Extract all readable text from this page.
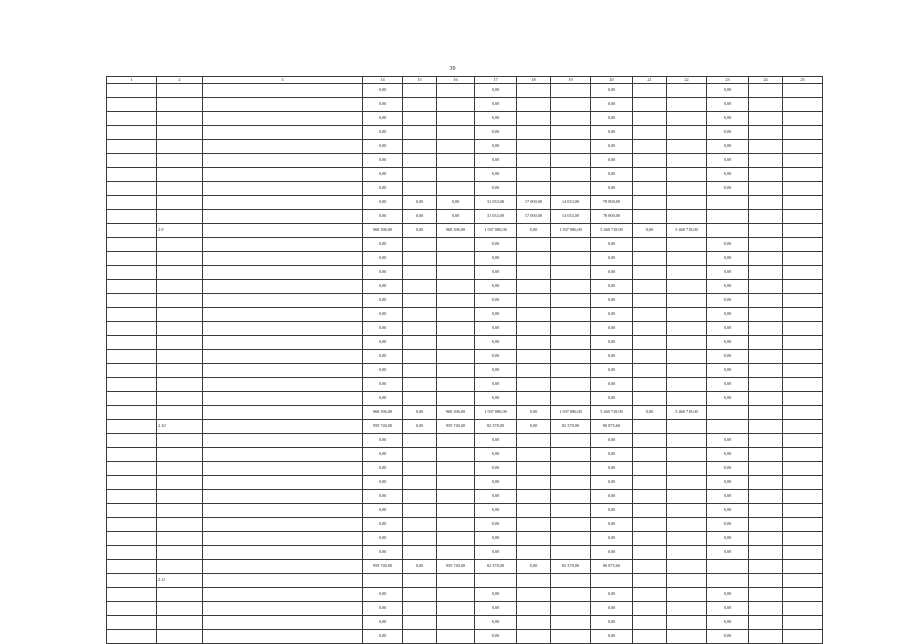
39
1	2	3	14	15	16	17	18	19	20	21	22	23	24	25
			0,00			0,00			0,00			0,00		
			0,00			0,00			0,00			0,00		
			0,00			0,00			0,00			0,00		
			0,00			0,00			0,00			0,00		
			0,00			0,00			0,00			0,00		
			0,00			0,00			0,00			0,00		
			0,00			0,00			0,00			0,00		
			0,00			0,00			0,00			0,00		
			0,00	0,00	0,00	31 033,00	17 000,00	14 033,00	78 800,00					
			0,00	0,00	0,00	31 033,00	17 000,00	14 033,00	78 800,00					
	2.9		968 396,00	0,00	968 396,00	1 937 086,00	0,00	1 937 086,00	5 460 718,00	0,00	5 460 718,00			
			0,00			0,00			0,00			0,00		
			0,00			0,00			0,00			0,00		
			0,00			0,00			0,00			0,00		
			0,00			0,00			0,00			0,00		
			0,00			0,00			0,00			0,00		
			0,00			0,00			0,00			0,00		
			0,00			0,00			0,00			0,00		
			0,00			0,00			0,00			0,00		
			0,00			0,00			0,00			0,00		
			0,00			0,00			0,00			0,00		
			0,00			0,00			0,00			0,00		
			0,00			0,00			0,00			0,00		
			968 396,00	0,00	968 396,00	1 937 086,00	0,00	1 937 086,00	5 460 718,00	0,00	5 460 718,00			
	2.10		959 740,00	0,00	959 740,00	82 378,00	0,00	82 378,00	96 875,60					
			0,00			0,00			0,00			0,00		
			0,00			0,00			0,00			0,00		
			0,00			0,00			0,00			0,00		
			0,00			0,00			0,00			0,00		
			0,00			0,00			0,00			0,00		
			0,00			0,00			0,00			0,00		
			0,00			0,00			0,00			0,00		
			0,00			0,00			0,00			0,00		
			0,00			0,00			0,00			0,00		
			959 740,00	0,00	959 740,00	82 378,00	0,00	82 378,00	96 875,60					
	2.11													
			0,00			0,00			0,00			0,00		
			0,00			0,00			0,00			0,00		
			0,00			0,00			0,00			0,00		
			0,00			0,00			0,00			0,00		
